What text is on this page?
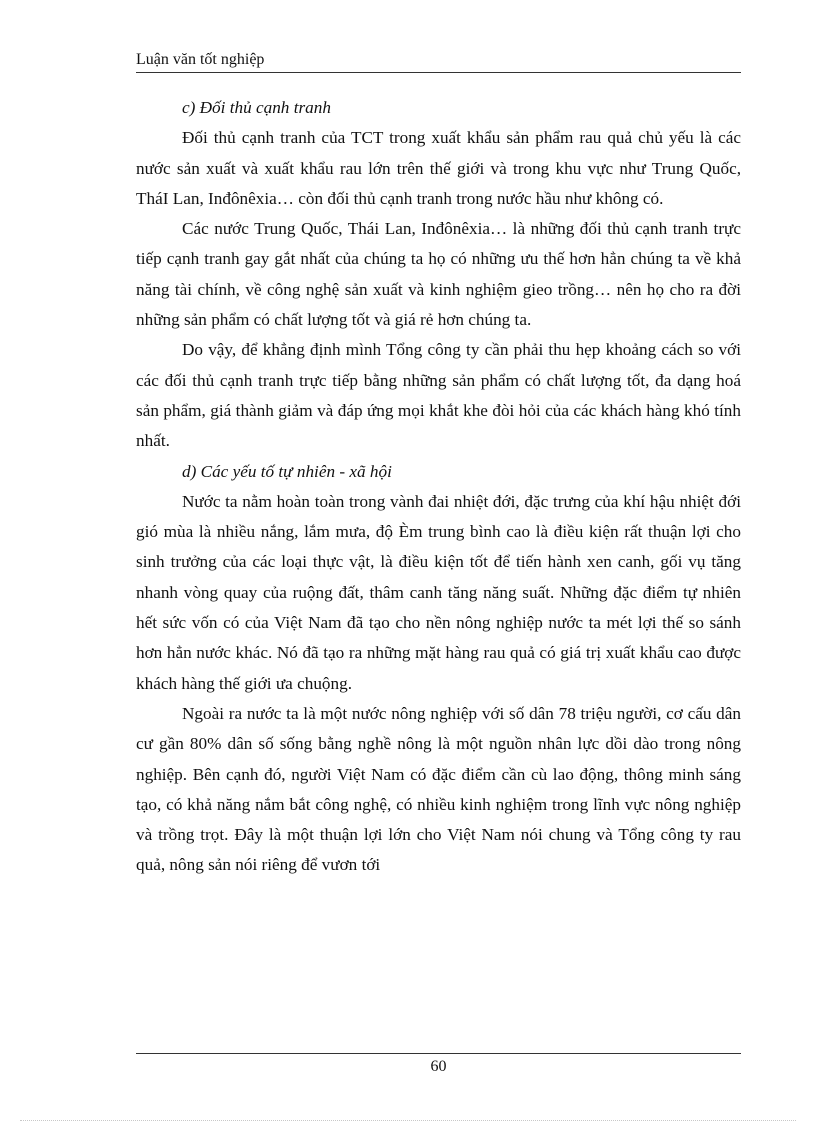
Luận văn tốt nghiệp

c) Đối thủ cạnh tranh

Đối thủ cạnh tranh của TCT trong xuất khẩu sản phẩm rau quả chủ yếu là các nước sản xuất và xuất khẩu rau lớn trên thế giới và trong khu vực như Trung Quốc, TháI Lan, Inđônêxia… còn đối thủ cạnh tranh trong nước hầu như không có.

Các nước Trung Quốc, Thái Lan, Inđônêxia… là những đối thủ cạnh tranh trực tiếp cạnh tranh gay gắt nhất của chúng ta họ có những ưu thế hơn hẳn chúng ta về khả năng tài chính, về công nghệ sản xuất và kinh nghiệm gieo trồng… nên họ cho ra đời những sản phẩm có chất lượng tốt và giá rẻ hơn chúng ta.

Do vậy, để khẳng định mình Tổng công ty cần phải thu hẹp khoảng cách so với các đối thủ cạnh tranh trực tiếp bằng những sản phẩm có chất lượng tốt, đa dạng hoá sản phẩm, giá thành giảm và đáp ứng mọi khắt khe đòi hỏi của các khách hàng khó tính nhất.

d) Các yếu tố tự nhiên - xã hội

Nước ta nằm hoàn toàn trong vành đai nhiệt đới, đặc trưng của khí hậu nhiệt đới gió mùa là nhiều nắng, lắm mưa, độ Èm trung bình cao là điều kiện rất thuận lợi cho sinh trưởng của các loại thực vật, là điều kiện tốt để tiến hành xen canh, gối vụ tăng nhanh vòng quay của ruộng đất, thâm canh tăng năng suất. Những đặc điểm tự nhiên hết sức vốn có của Việt Nam đã tạo cho nền nông nghiệp nước ta mét lợi thế so sánh hơn hẳn nước khác. Nó đã tạo ra những mặt hàng rau quả có giá trị xuất khẩu cao được khách hàng thế giới ưa chuộng.

Ngoài ra nước ta là một nước nông nghiệp với số dân 78 triệu người, cơ cấu dân cư gần 80% dân số sống bằng nghề nông là một nguồn nhân lực dồi dào trong nông nghiệp. Bên cạnh đó, người Việt Nam có đặc điểm cần cù lao động, thông minh sáng tạo, có khả năng nắm bắt công nghệ, có nhiều kinh nghiệm trong lĩnh vực nông nghiệp và trồng trọt. Đây là một thuận lợi lớn cho Việt Nam nói chung và Tổng công ty rau quả, nông sản nói riêng để vươn tới

60
